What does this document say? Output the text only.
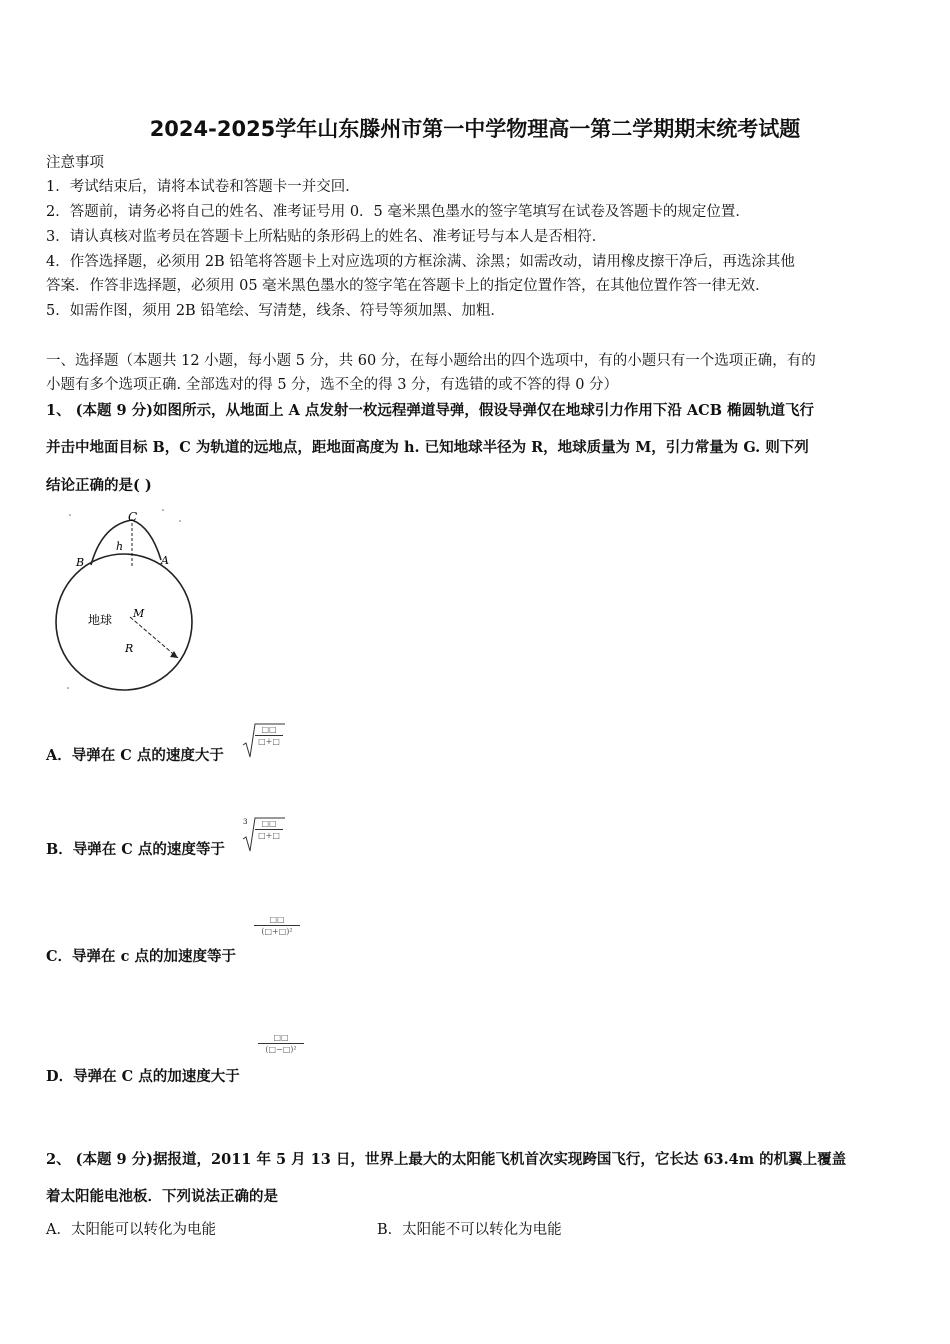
2024-2025学年山东滕州市第一中学物理高一第二学期期末统考试题
注意事项
1．考试结束后，请将本试卷和答题卡一并交回．
2．答题前，请务必将自己的姓名、准考证号用 0．5 毫米黑色墨水的签字笔填写在试卷及答题卡的规定位置．
3．请认真核对监考员在答题卡上所粘贴的条形码上的姓名、准考证号与本人是否相符．
4．作答选择题，必须用 2B 铅笔将答题卡上对应选项的方框涂满、涂黑；如需改动，请用橡皮擦干净后，再选涂其他
答案．作答非选择题，必须用 05 毫米黑色墨水的签字笔在答题卡上的指定位置作答，在其他位置作答一律无效．
5．如需作图，须用 2B 铅笔绘、写清楚，线条、符号等须加黑、加粗．
一、选择题（本题共 12 小题，每小题 5 分，共 60 分，在每小题给出的四个选项中，有的小题只有一个选项正确，有的
小题有多个选项正确. 全部选对的得 5 分，选不全的得 3 分，有选错的或不答的得 0 分）
1、 (本题 9 分)如图所示，从地面上 A 点发射一枚远程弹道导弹，假设导弹仅在地球引力作用下沿 ACB 椭圆轨道飞行
并击中地面目标 B，C 为轨道的远地点，距地面高度为 h. 已知地球半径为 R，地球质量为 M，引力常量为 G. 则下列
结论正确的是( )
C
h
B	A
地球 M
R
A．导弹在 C 点的速度大于
□□
□+□
B．导弹在 C 点的速度等于
3	□□
□+□
C．导弹在 c 点的加速度等于
□□
(□+□)²
D．导弹在 C 点的加速度大于
□□
(□−□)²
2、 (本题 9 分)据报道，2011 年 5 月 13 日，世界上最大的太阳能飞机首次实现跨国飞行，它长达 63.4m 的机翼上覆盖
着太阳能电池板．下列说法正确的是
A．太阳能可以转化为电能	B．太阳能不可以转化为电能
